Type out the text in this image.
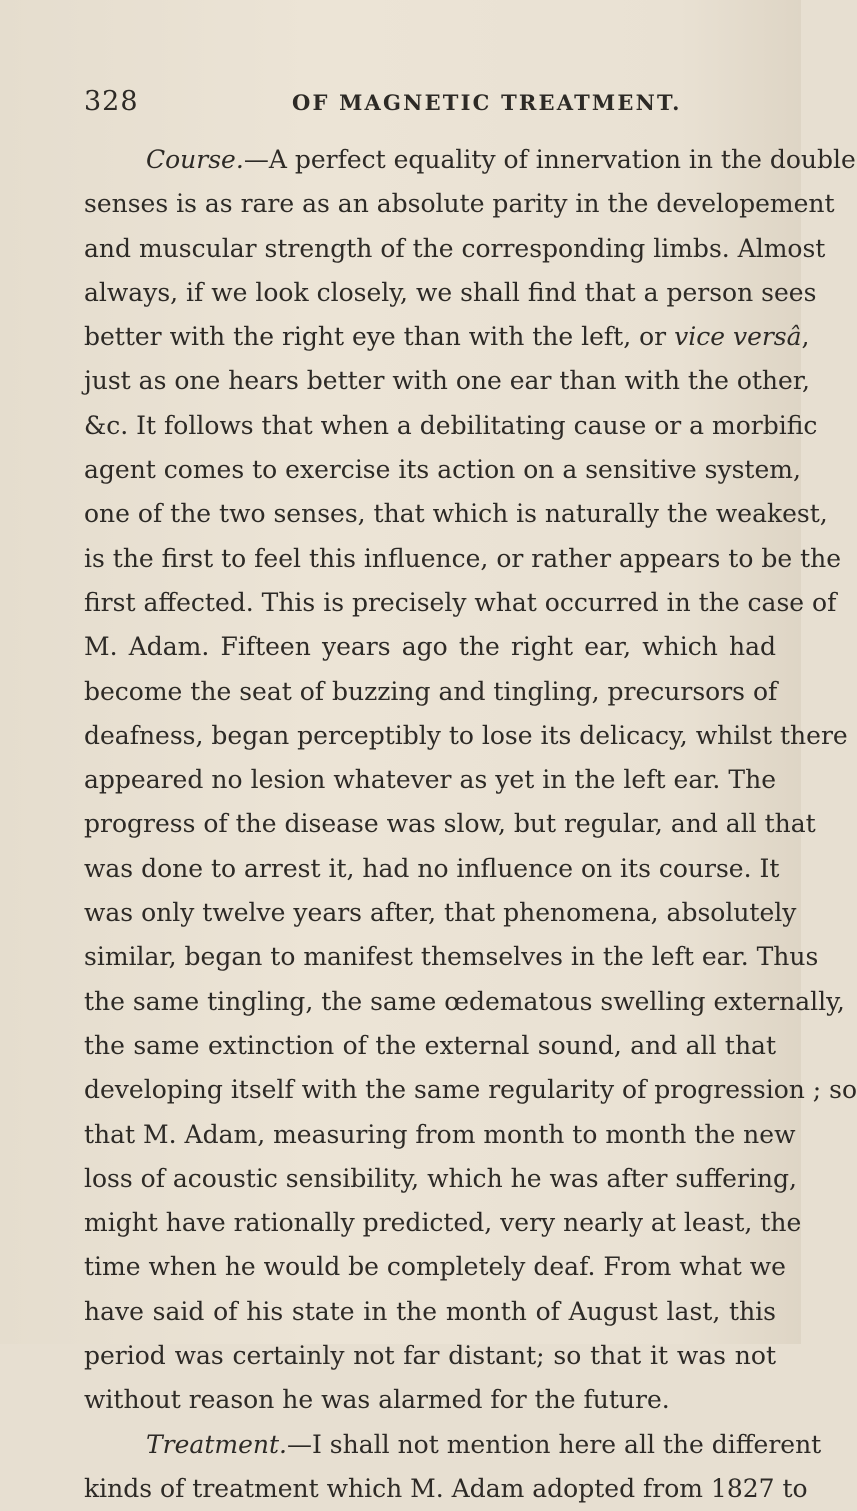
328	OF MAGNETIC TREATMENT.
Course.—A perfect equality of innervation in the double
senses is as rare as an absolute parity in the developement
and muscular strength of the corresponding limbs. Almost
always, if we look closely, we shall find that a person sees
better with the right eye than with the left, or vice versâ,
just as one hears better with one ear than with the other,
&c. It follows that when a debilitating cause or a morbific
agent comes to exercise its action on a sensitive system,
one of the two senses, that which is naturally the weakest,
is the first to feel this influence, or rather appears to be the
first affected. This is precisely what occurred in the case of
M. Adam. Fifteen years ago the right ear, which had
become the seat of buzzing and tingling, precursors of
deafness, began perceptibly to lose its delicacy, whilst there
appeared no lesion whatever as yet in the left ear. The
progress of the disease was slow, but regular, and all that
was done to arrest it, had no influence on its course. It
was only twelve years after, that phenomena, absolutely
similar, began to manifest themselves in the left ear. Thus
the same tingling, the same œdematous swelling externally,
the same extinction of the external sound, and all that
developing itself with the same regularity of progression ; so
that M. Adam, measuring from month to month the new
loss of acoustic sensibility, which he was after suffering,
might have rationally predicted, very nearly at least, the
time when he would be completely deaf. From what we
have said of his state in the month of August last, this
period was certainly not far distant; so that it was not
without reason he was alarmed for the future.
Treatment.—I shall not mention here all the different
kinds of treatment which M. Adam adopted from 1827 to
